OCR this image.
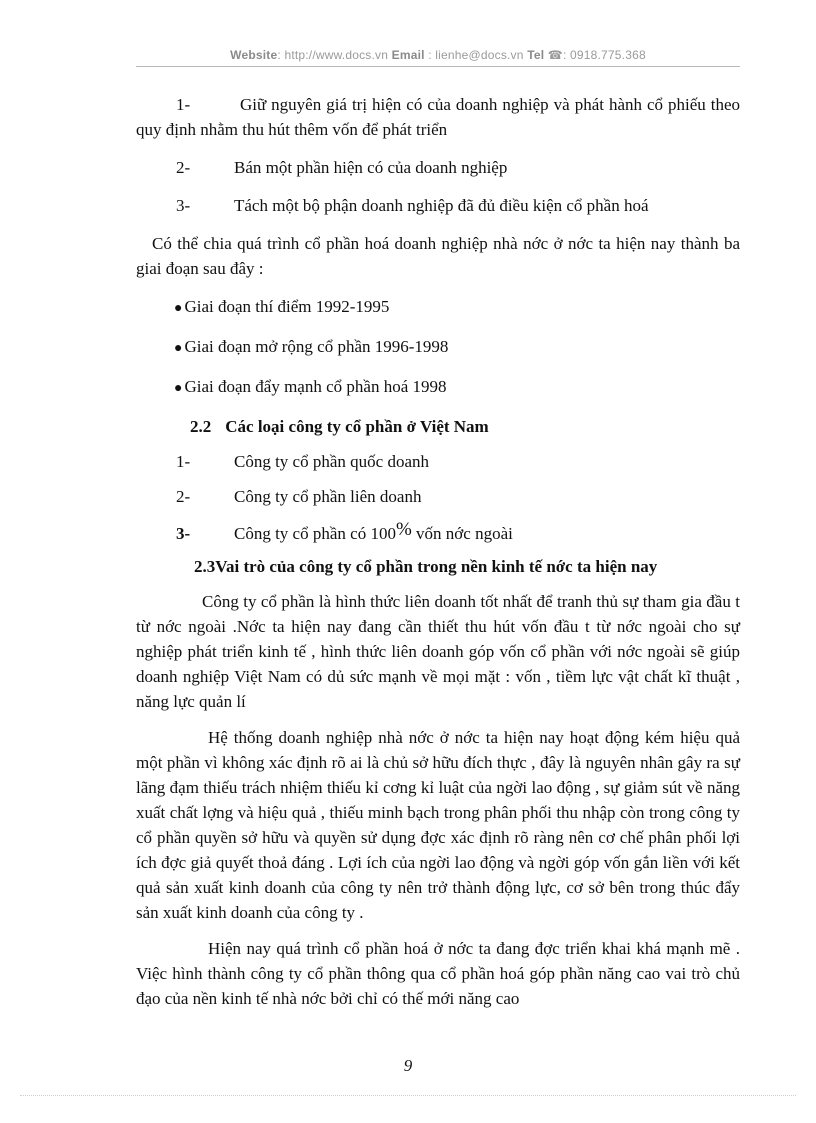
Website: http://www.docs.vn Email : lienhe@docs.vn Tel ☎: 0918.775.368
1-	Giữ nguyên giá trị hiện có của doanh nghiệp và phát hành cổ phiếu theo quy định nhằm thu hút thêm vốn để phát triển
2-	Bán một phần hiện có của doanh nghiệp
3-	Tách một bộ phận doanh nghiệp đã đủ điều kiện cổ phần hoá

Có thể chia quá trình cổ phần hoá doanh nghiệp nhà nớc ở nớc ta hiện nay thành ba giai đoạn sau đây :

● Giai đoạn thí điểm 1992-1995
● Giai đoạn mở rộng cổ phần 1996-1998
● Giai đoạn đẩy mạnh cổ phần hoá 1998
2.2 Các loại công ty cổ phần ở Việt Nam
1-	Công ty cổ phần quốc doanh
2-	Công ty cổ phần liên doanh
3-	Công ty cổ phần có 100% vốn nớc ngoài
2.3Vai trò của công ty cổ phần trong nền kinh tế nớc ta hiện nay

Công ty cổ phần là hình thức liên doanh tốt nhất để tranh thủ sự tham gia đầu t từ nớc ngoài .Nớc ta hiện nay đang cần thiết thu hút vốn đầu t từ nớc ngoài cho sự nghiệp phát triển kinh tế , hình thức liên doanh góp vốn cổ phần với nớc ngoài sẽ giúp doanh nghiệp Việt Nam có dủ sức mạnh về mọi mặt : vốn , tiềm lực vật chất kĩ thuật , năng lực quản lí

Hệ thống doanh nghiệp nhà nớc ở nớc ta hiện nay hoạt động kém hiệu quả một phần vì không xác định rõ ai là chủ sở hữu đích thực , đây là nguyên nhân gây ra sự lãng đạm thiếu trách nhiệm thiếu kỉ cơng kỉ luật của ngời lao động , sự giảm sút về năng xuất chất lợng và hiệu quả , thiếu minh bạch trong phân phối thu nhập còn trong công ty cổ phần quyền sở hữu và quyền sử dụng đợc xác định rõ ràng nên cơ chế phân phối lợi ích đợc giả quyết thoả đáng . Lợi ích của ngời lao động và ngời góp vốn gắn liền với kết quả sản xuất kinh doanh của công ty nên trở thành động lực, cơ sở bên trong thúc đẩy sản xuất kinh doanh của công ty .

Hiện nay quá trình cổ phần hoá ở nớc ta đang đợc triển khai khá mạnh mẽ . Việc hình thành công ty cổ phần thông qua cổ phần hoá góp phần năng cao vai trò chủ đạo của nền kinh tế nhà nớc bởi chỉ có thế mới năng cao

9
